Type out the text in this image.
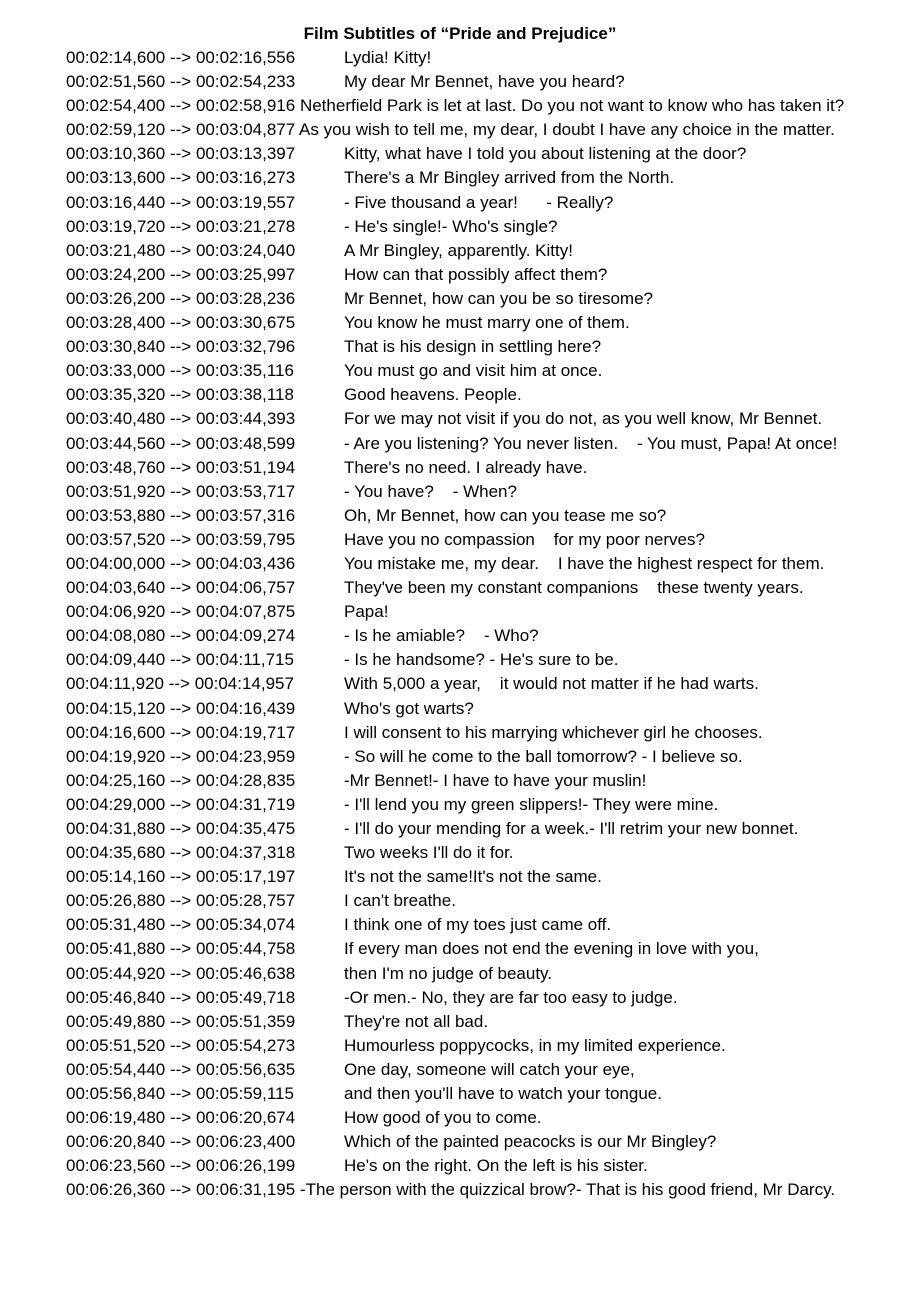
Film Subtitles of “Pride and Prejudice”
00:02:14,600 --> 00:02:16,556	Lydia! Kitty!
00:02:51,560 --> 00:02:54,233	My dear Mr Bennet, have you heard?
00:02:54,400 --> 00:02:58,916 Netherfield Park is let at last. Do you not want to know who has taken it?
00:02:59,120 --> 00:03:04,877 As you wish to tell me, my dear, I doubt I have any choice in the matter.
00:03:10,360 --> 00:03:13,397	Kitty, what have I told you about listening at the door?
00:03:13,600 --> 00:03:16,273	There's a Mr Bingley arrived from the North.
00:03:16,440 --> 00:03:19,557	- Five thousand a year!      - Really?
00:03:19,720 --> 00:03:21,278	- He's single!- Who's single?
00:03:21,480 --> 00:03:24,040	A Mr Bingley, apparently. Kitty!
00:03:24,200 --> 00:03:25,997	How can that possibly affect them?
00:03:26,200 --> 00:03:28,236	Mr Bennet, how can you be so tiresome?
00:03:28,400 --> 00:03:30,675	You know he must marry one of them.
00:03:30,840 --> 00:03:32,796	That is his design in settling here?
00:03:33,000 --> 00:03:35,116	You must go and visit him at once.
00:03:35,320 --> 00:03:38,118	Good heavens. People.
00:03:40,480 --> 00:03:44,393	For we may not visit if you do not, as you well know, Mr Bennet.
00:03:44,560 --> 00:03:48,599	- Are you listening? You never listen.    - You must, Papa! At once!
00:03:48,760 --> 00:03:51,194	There's no need. I already have.
00:03:51,920 --> 00:03:53,717	- You have?    - When?
00:03:53,880 --> 00:03:57,316	Oh, Mr Bennet, how can you tease me so?
00:03:57,520 --> 00:03:59,795	Have you no compassion    for my poor nerves?
00:04:00,000 --> 00:04:03,436	You mistake me, my dear.    I have the highest respect for them.
00:04:03,640 --> 00:04:06,757	They've been my constant companions    these twenty years.
00:04:06,920 --> 00:04:07,875	Papa!
00:04:08,080 --> 00:04:09,274	- Is he amiable?    - Who?
00:04:09,440 --> 00:04:11,715	- Is he handsome? - He's sure to be.
00:04:11,920 --> 00:04:14,957	With 5,000 a year,    it would not matter if he had warts.
00:04:15,120 --> 00:04:16,439	Who's got warts?
00:04:16,600 --> 00:04:19,717	I will consent to his marrying whichever girl he chooses.
00:04:19,920 --> 00:04:23,959	- So will he come to the ball tomorrow? - I believe so.
00:04:25,160 --> 00:04:28,835	-Mr Bennet!- I have to have your muslin!
00:04:29,000 --> 00:04:31,719	- I'll lend you my green slippers!- They were mine.
00:04:31,880 --> 00:04:35,475	- I'll do your mending for a week.- I'll retrim your new bonnet.
00:04:35,680 --> 00:04:37,318	Two weeks I'll do it for.
00:05:14,160 --> 00:05:17,197	It's not the same!It's not the same.
00:05:26,880 --> 00:05:28,757	I can't breathe.
00:05:31,480 --> 00:05:34,074	I think one of my toes just came off.
00:05:41,880 --> 00:05:44,758	If every man does not end the evening in love with you,
00:05:44,920 --> 00:05:46,638	then I'm no judge of beauty.
00:05:46,840 --> 00:05:49,718	-Or men.- No, they are far too easy to judge.
00:05:49,880 --> 00:05:51,359	They're not all bad.
00:05:51,520 --> 00:05:54,273	Humourless poppycocks, in my limited experience.
00:05:54,440 --> 00:05:56,635	One day, someone will catch your eye,
00:05:56,840 --> 00:05:59,115	and then you'll have to watch your tongue.
00:06:19,480 --> 00:06:20,674	How good of you to come.
00:06:20,840 --> 00:06:23,400	Which of the painted peacocks is our Mr Bingley?
00:06:23,560 --> 00:06:26,199	He's on the right. On the left is his sister.
00:06:26,360 --> 00:06:31,195 -The person with the quizzical brow?- That is his good friend, Mr Darcy.
